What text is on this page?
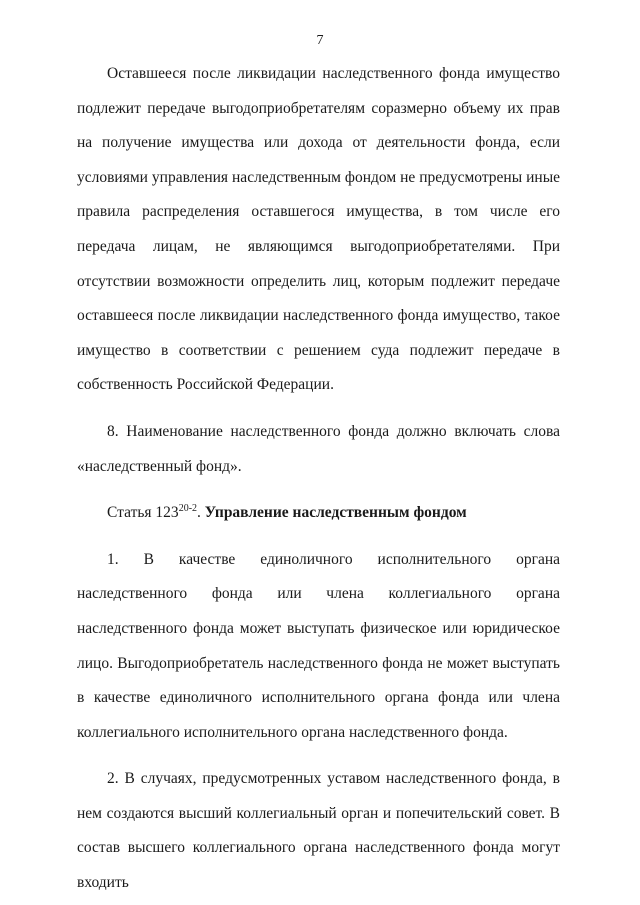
7

Оставшееся после ликвидации наследственного фонда имущество подлежит передаче выгодоприобретателям соразмерно объему их прав на получение имущества или дохода от деятельности фонда, если условиями управления наследственным фондом не предусмотрены иные правила распределения оставшегося имущества, в том числе его передача лицам, не являющимся выгодоприобретателями. При отсутствии возможности определить лиц, которым подлежит передаче оставшееся после ликвидации наследственного фонда имущество, такое имущество в соответствии с решением суда подлежит передаче в собственность Российской Федерации.

8. Наименование наследственного фонда должно включать слова «наследственный фонд».

Статья 123$^{20-2}$. Управление наследственным фондом

1. В качестве единоличного исполнительного органа наследственного фонда или члена коллегиального органа наследственного фонда может выступать физическое или юридическое лицо. Выгодоприобретатель наследственного фонда не может выступать в качестве единоличного исполнительного органа фонда или члена коллегиального исполнительного органа наследственного фонда.

2. В случаях, предусмотренных уставом наследственного фонда, в нем создаются высший коллегиальный орган и попечительский совет. В состав высшего коллегиального органа наследственного фонда могут входить
